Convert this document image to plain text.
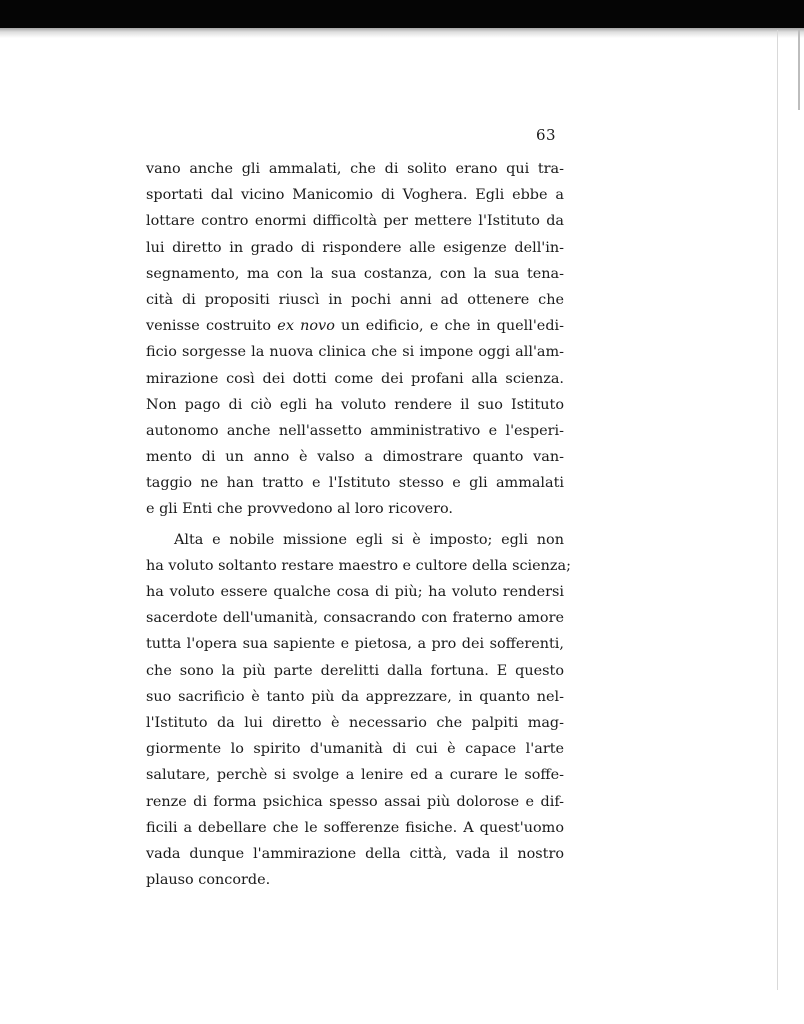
63
vano anche gli ammalati, che di solito erano qui tra-
sportati dal vicino Manicomio di Voghera. Egli ebbe a
lottare contro enormi difficoltà per mettere l'Istituto da
lui diretto in grado di rispondere alle esigenze dell'in-
segnamento, ma con la sua costanza, con la sua tena-
cità di propositi riuscì in pochi anni ad ottenere che
venisse costruito ex novo un edificio, e che in quell'edi-
ficio sorgesse la nuova clinica che si impone oggi all'am-
mirazione così dei dotti come dei profani alla scienza.
Non pago di ciò egli ha voluto rendere il suo Istituto
autonomo anche nell'assetto amministrativo e l'esperi-
mento di un anno è valso a dimostrare quanto van-
taggio ne han tratto e l'Istituto stesso e gli ammalati
e gli Enti che provvedono al loro ricovero.
Alta e nobile missione egli si è imposto; egli non
ha voluto soltanto restare maestro e cultore della scienza;
ha voluto essere qualche cosa di più; ha voluto rendersi
sacerdote dell'umanità, consacrando con fraterno amore
tutta l'opera sua sapiente e pietosa, a pro dei sofferenti,
che sono la più parte derelitti dalla fortuna. E questo
suo sacrificio è tanto più da apprezzare, in quanto nel-
l'Istituto da lui diretto è necessario che palpiti mag-
giormente lo spirito d'umanità di cui è capace l'arte
salutare, perchè si svolge a lenire ed a curare le soffe-
renze di forma psichica spesso assai più dolorose e dif-
ficili a debellare che le sofferenze fisiche. A quest'uomo
vada dunque l'ammirazione della città, vada il nostro
plauso concorde.
